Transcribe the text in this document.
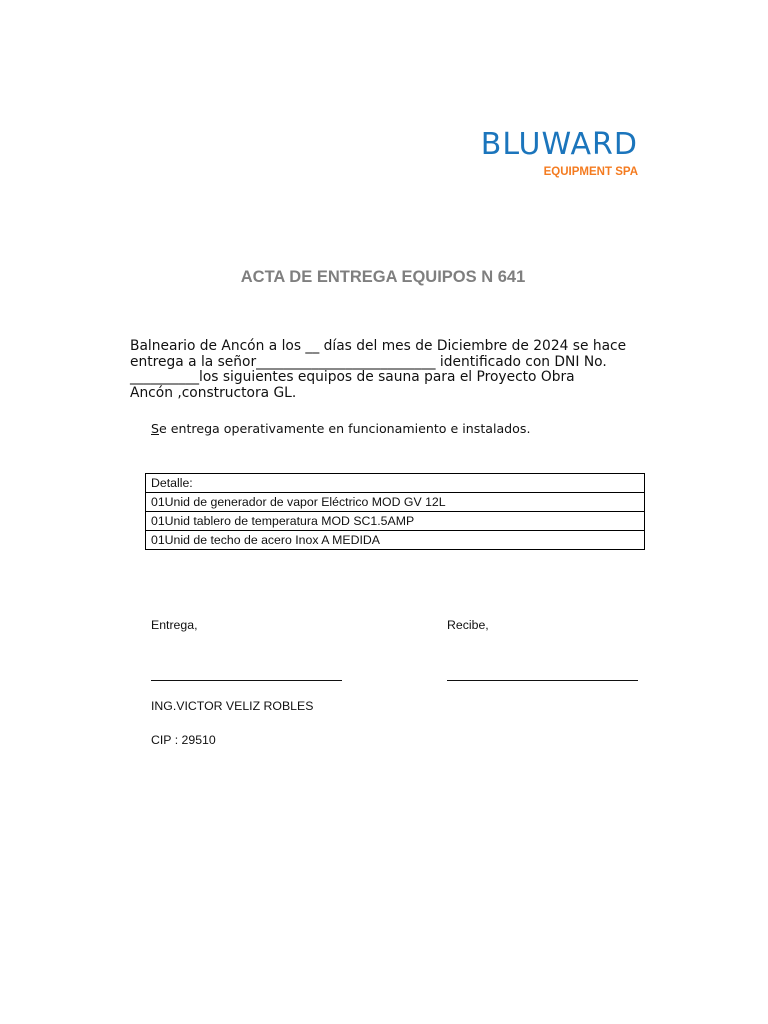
BLUWARD
EQUIPMENT SPA
ACTA DE ENTREGA EQUIPOS N 641

Balneario de Ancón a los __ días del mes de Diciembre de 2024 se hace
entrega a la señor__________________________ identificado con DNI No.
__________los siguientes equipos de sauna para el Proyecto Obra
Ancón ,constructora GL.

Se entrega operativamente en funcionamiento e instalados.
Detalle:
01Unid de generador de vapor Eléctrico MOD GV 12L
01Unid tablero de temperatura MOD SC1.5AMP
01Unid de techo de acero Inox A MEDIDA
Entrega,	Recibe,
ING.VICTOR VELIZ ROBLES
CIP : 29510
